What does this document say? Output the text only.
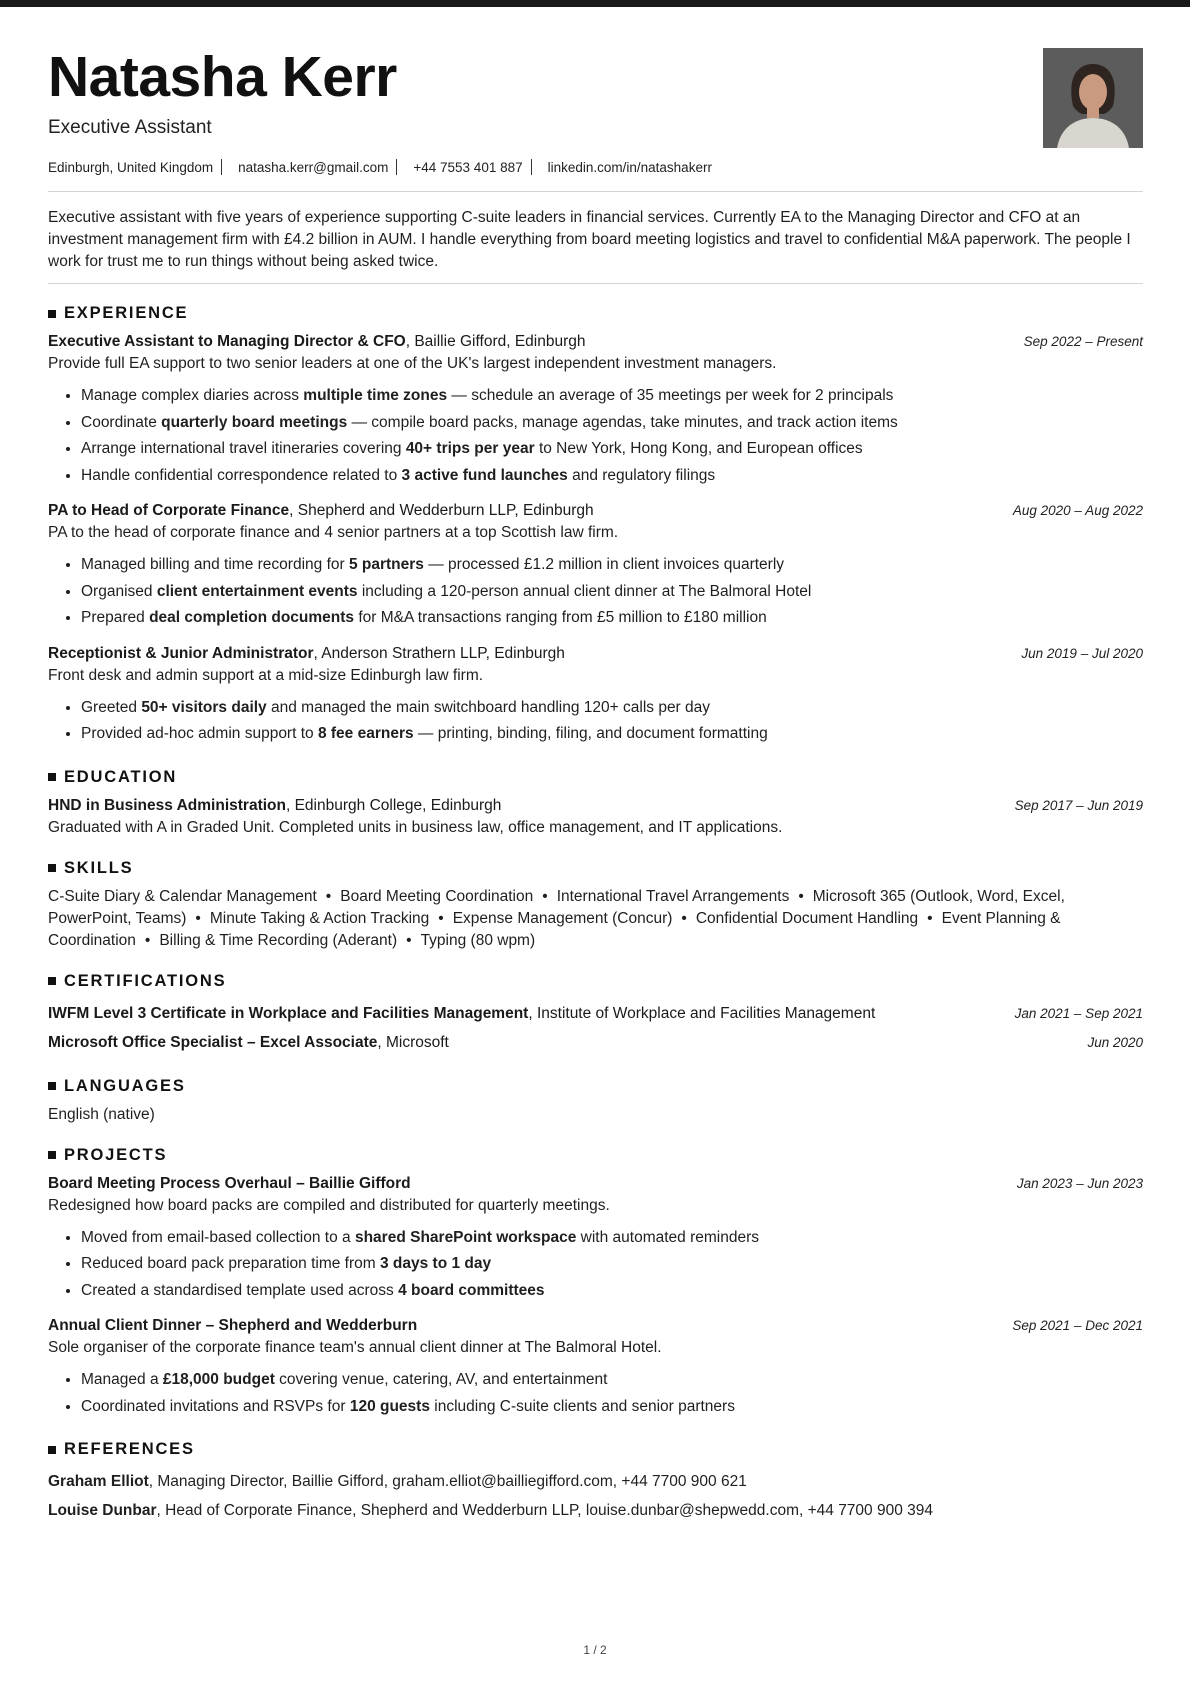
Natasha Kerr
Executive Assistant
Edinburgh, United Kingdom natasha.kerr@gmail.com +44 7553 401 887 linkedin.com/in/natashakerr

Executive assistant with five years of experience supporting C-suite leaders in financial services. Currently EA to the Managing Director and CFO at an investment management firm with £4.2 billion in AUM. I handle everything from board meeting logistics and travel to confidential M&A paperwork. The people I work for trust me to run things without being asked twice.

EXPERIENCE
Executive Assistant to Managing Director & CFO, Baillie Gifford, Edinburgh	Sep 2022 – Present
Provide full EA support to two senior leaders at one of the UK's largest independent investment managers.
• Manage complex diaries across multiple time zones — schedule an average of 35 meetings per week for 2 principals
• Coordinate quarterly board meetings — compile board packs, manage agendas, take minutes, and track action items
• Arrange international travel itineraries covering 40+ trips per year to New York, Hong Kong, and European offices
• Handle confidential correspondence related to 3 active fund launches and regulatory filings
PA to Head of Corporate Finance, Shepherd and Wedderburn LLP, Edinburgh	Aug 2020 – Aug 2022
PA to the head of corporate finance and 4 senior partners at a top Scottish law firm.
• Managed billing and time recording for 5 partners — processed £1.2 million in client invoices quarterly
• Organised client entertainment events including a 120-person annual client dinner at The Balmoral Hotel
• Prepared deal completion documents for M&A transactions ranging from £5 million to £180 million
Receptionist & Junior Administrator, Anderson Strathern LLP, Edinburgh	Jun 2019 – Jul 2020
Front desk and admin support at a mid-size Edinburgh law firm.
• Greeted 50+ visitors daily and managed the main switchboard handling 120+ calls per day
• Provided ad-hoc admin support to 8 fee earners — printing, binding, filing, and document formatting
EDUCATION
HND in Business Administration, Edinburgh College, Edinburgh	Sep 2017 – Jun 2019
Graduated with A in Graded Unit. Completed units in business law, office management, and IT applications.
SKILLS
C-Suite Diary & Calendar Management • Board Meeting Coordination • International Travel Arrangements • Microsoft 365 (Outlook, Word, Excel, PowerPoint, Teams) • Minute Taking & Action Tracking • Expense Management (Concur) • Confidential Document Handling • Event Planning & Coordination • Billing & Time Recording (Aderant) • Typing (80 wpm)
CERTIFICATIONS
IWFM Level 3 Certificate in Workplace and Facilities Management, Institute of Workplace and Facilities Management	Jan 2021 – Sep 2021
Microsoft Office Specialist – Excel Associate, Microsoft	Jun 2020
LANGUAGES
English (native)
PROJECTS
Board Meeting Process Overhaul – Baillie Gifford	Jan 2023 – Jun 2023
Redesigned how board packs are compiled and distributed for quarterly meetings.
• Moved from email-based collection to a shared SharePoint workspace with automated reminders
• Reduced board pack preparation time from 3 days to 1 day
• Created a standardised template used across 4 board committees
Annual Client Dinner – Shepherd and Wedderburn	Sep 2021 – Dec 2021
Sole organiser of the corporate finance team's annual client dinner at The Balmoral Hotel.
• Managed a £18,000 budget covering venue, catering, AV, and entertainment
• Coordinated invitations and RSVPs for 120 guests including C-suite clients and senior partners
REFERENCES
Graham Elliot, Managing Director, Baillie Gifford, graham.elliot@bailliegifford.com, +44 7700 900 621
Louise Dunbar, Head of Corporate Finance, Shepherd and Wedderburn LLP, louise.dunbar@shepwedd.com, +44 7700 900 394
1 / 2
